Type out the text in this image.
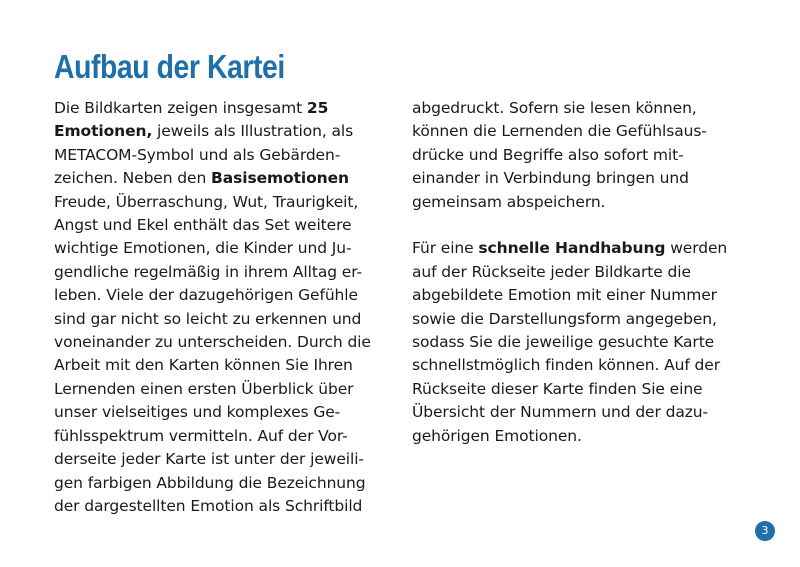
Aufbau der Kartei
Die Bildkarten zeigen insgesamt 25
Emotionen, jeweils als Illustration, als
METACOM-Symbol und als Gebärden-
zeichen. Neben den Basisemotionen
Freude, Überraschung, Wut, Traurigkeit,
Angst und Ekel enthält das Set weitere
wichtige Emotionen, die Kinder und Ju-
gendliche regelmäßig in ihrem Alltag er-
leben. Viele der dazugehörigen Gefühle
sind gar nicht so leicht zu erkennen und
voneinander zu unterscheiden. Durch die
Arbeit mit den Karten können Sie Ihren
Lernenden einen ersten Überblick über
unser vielseitiges und komplexes Ge-
fühlsspektrum vermitteln. Auf der Vor-
derseite jeder Karte ist unter der jeweili-
gen farbigen Abbildung die Bezeichnung
der dargestellten Emotion als Schriftbild
abgedruckt. Sofern sie lesen können,
können die Lernenden die Gefühlsaus-
drücke und Begriffe also sofort mit-
einander in Verbindung bringen und
gemeinsam abspeichern.
Für eine schnelle Handhabung werden
auf der Rückseite jeder Bildkarte die
abgebildete Emotion mit einer Nummer
sowie die Darstellungsform angegeben,
sodass Sie die jeweilige gesuchte Karte
schnellstmöglich finden können. Auf der
Rückseite dieser Karte finden Sie eine
Übersicht der Nummern und der dazu-
gehörigen Emotionen.
3
